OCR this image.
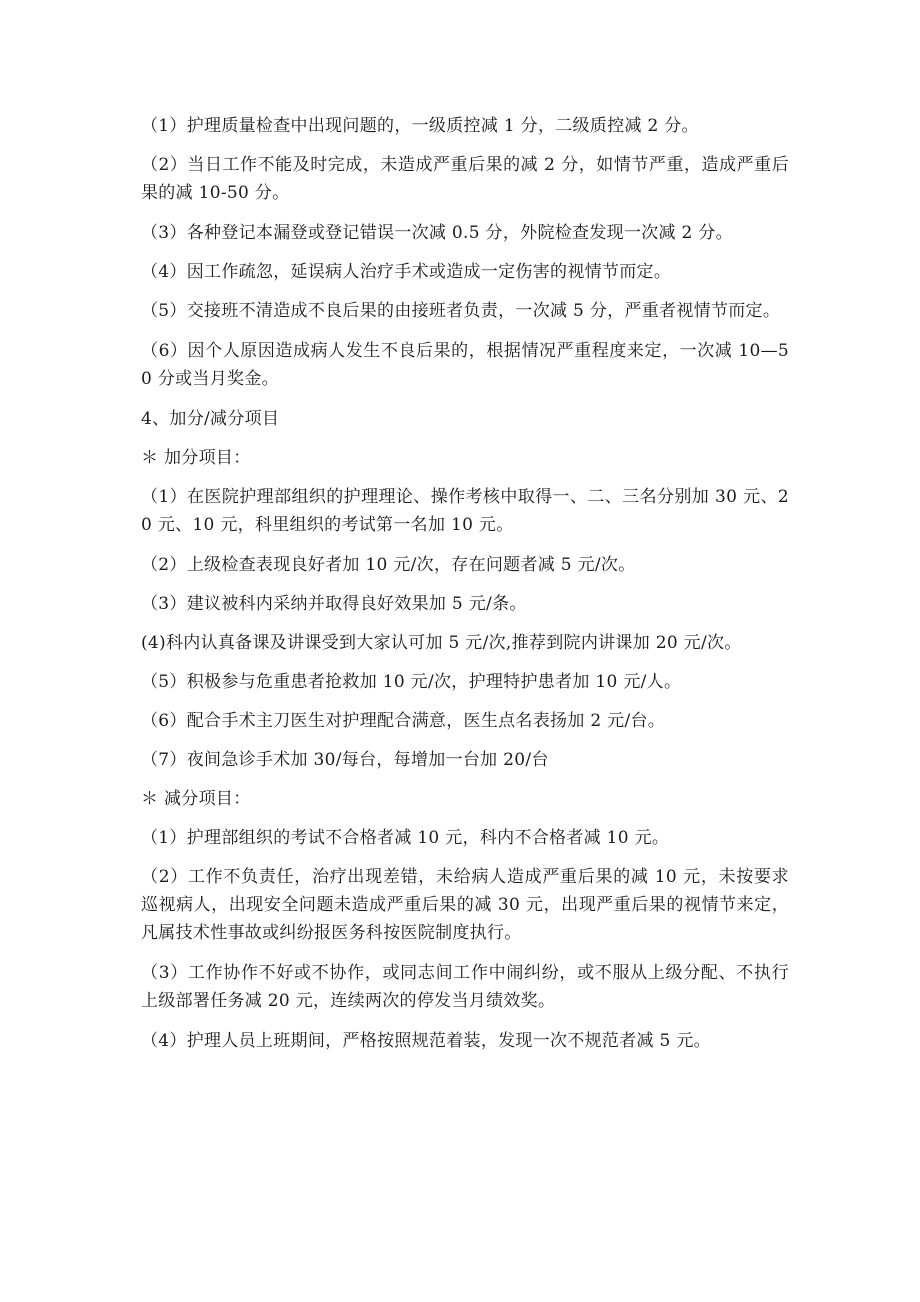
（1）护理质量检查中出现问题的，一级质控减 1 分，二级质控减 2 分。

（2）当日工作不能及时完成，未造成严重后果的减 2 分，如情节严重，造成严重后果的减 10-50 分。

（3）各种登记本漏登或登记错误一次减 0.5 分，外院检查发现一次减 2 分。

（4）因工作疏忽，延误病人治疗手术或造成一定伤害的视情节而定。

（5）交接班不清造成不良后果的由接班者负责，一次减 5 分，严重者视情节而定。

（6）因个人原因造成病人发生不良后果的，根据情况严重程度来定，一次减 10—50 分或当月奖金。

4、加分/减分项目

＊ 加分项目：

（1）在医院护理部组织的护理理论、操作考核中取得一、二、三名分别加 30 元、20 元、10 元，科里组织的考试第一名加 10 元。

（2）上级检查表现良好者加 10 元/次，存在问题者减 5 元/次。

（3）建议被科内采纳并取得良好效果加 5 元/条。

(4)科内认真备课及讲课受到大家认可加 5 元/次,推荐到院内讲课加 20 元/次。

（5）积极参与危重患者抢救加 10 元/次，护理特护患者加 10 元/人。

（6）配合手术主刀医生对护理配合满意，医生点名表扬加 2 元/台。

（7）夜间急诊手术加 30/每台，每增加一台加 20/台

＊ 减分项目：

（1）护理部组织的考试不合格者减 10 元，科内不合格者减 10 元。

（2）工作不负责任，治疗出现差错，未给病人造成严重后果的减 10 元，未按要求巡视病人，出现安全问题未造成严重后果的减 30 元，出现严重后果的视情节来定，凡属技术性事故或纠纷报医务科按医院制度执行。

（3）工作协作不好或不协作，或同志间工作中闹纠纷，或不服从上级分配、不执行上级部署任务减 20 元，连续两次的停发当月绩效奖。

（4）护理人员上班期间，严格按照规范着装，发现一次不规范者减 5 元。
